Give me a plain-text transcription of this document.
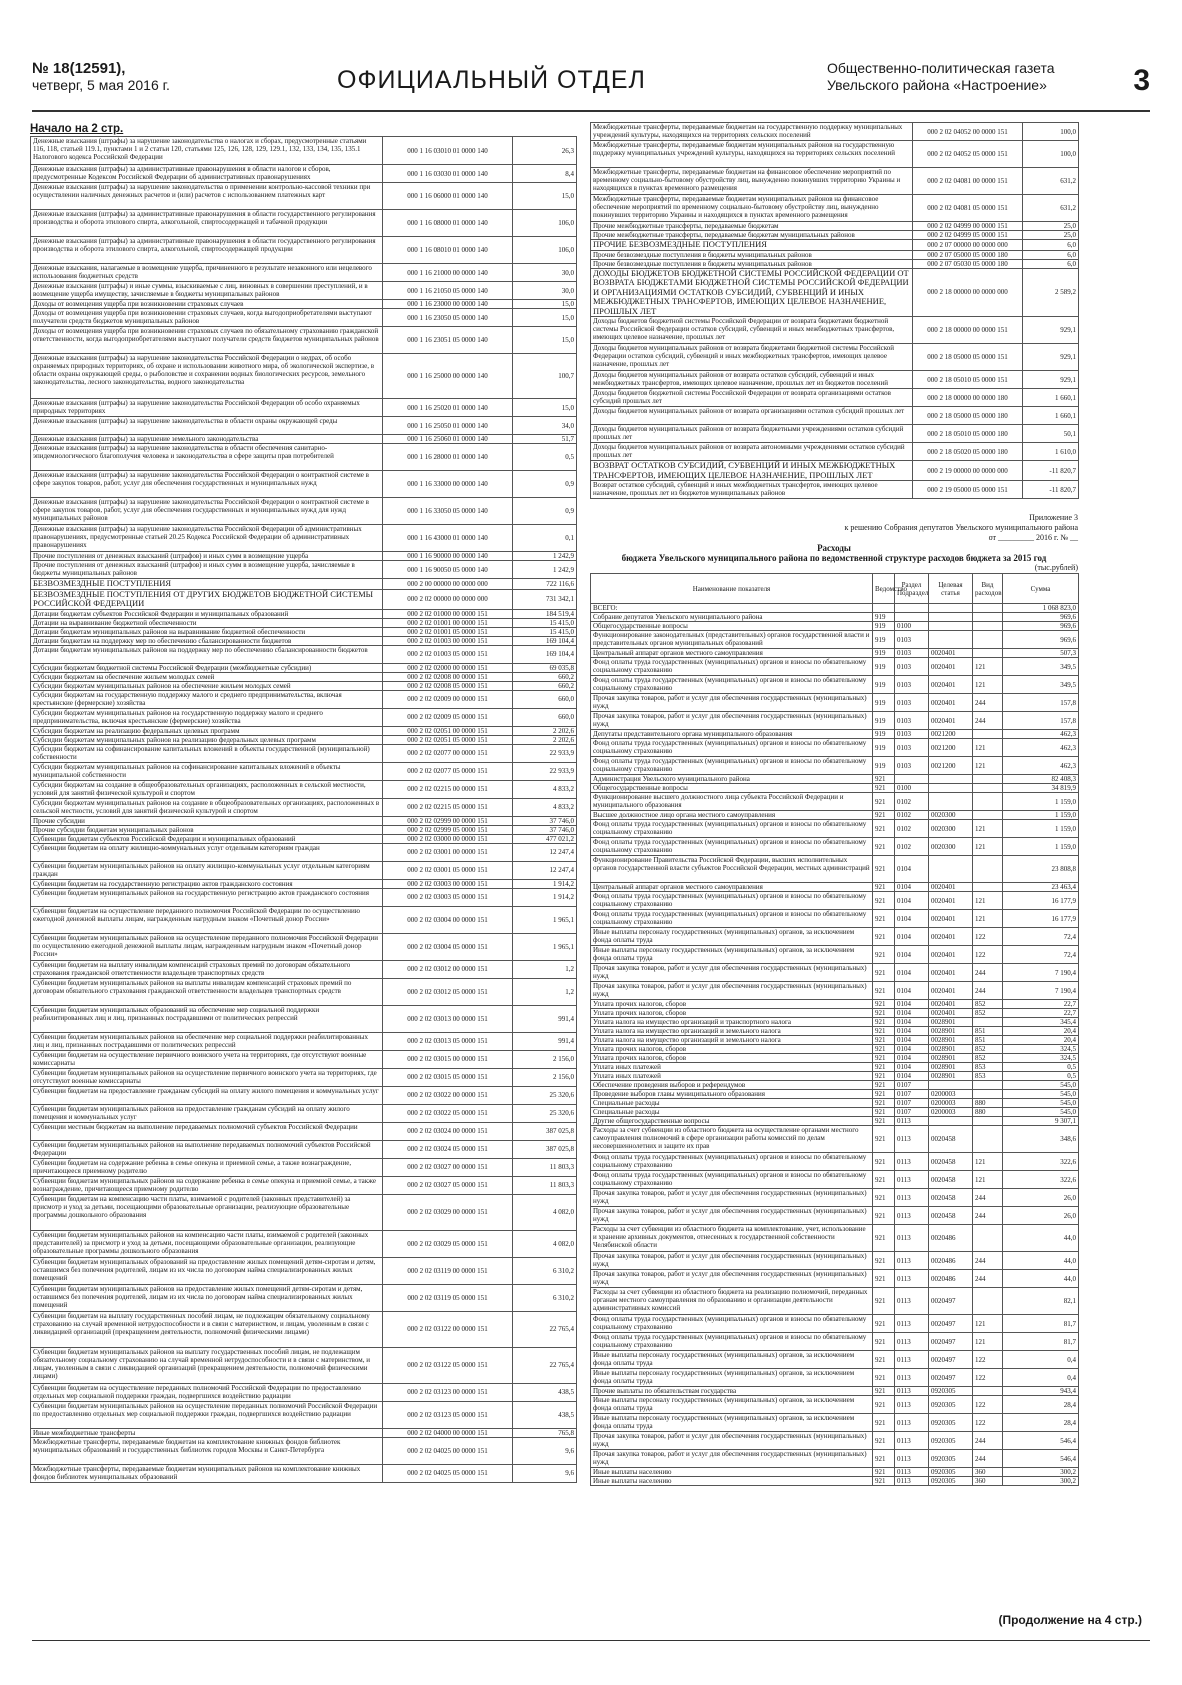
№ 18(12591),
четверг, 5 мая 2016 г.	ОФИЦИАЛЬНЫЙ ОТДЕЛ	Общественно-политическая газета
Увельского района «Настроение»	3
Начало на 2 стр.
Денежные взыскания (штрафы) за нарушение законодательства о налогах и сборах, предусмотренные статьями 116, 118, статьей 119.1, пунктами 1 и 2 статьи 120, статьями 125, 126, 128, 129, 129.1, 132, 133, 134, 135, 135.1 Налогового кодекса Российской Федерации	000 1 16 03010 01 0000 140	26,3
Денежные взыскания (штрафы) за административные правонарушения в области налогов и сборов, предусмотренные Кодексом Российской Федерации об административных правонарушениях	000 1 16 03030 01 0000 140	8,4
Денежные взыскания (штрафы) за нарушение законодательства о применении контрольно-кассовой техники при осуществлении наличных денежных расчетов и (или) расчетов с использованием платежных карт	000 1 16 06000 01 0000 140	15,0
Денежные взыскания (штрафы) за административные правонарушения в области государственного регулирования производства и оборота этилового спирта, алкогольной, спиртосодержащей и табачной продукции	000 1 16 08000 01 0000 140	106,0
Денежные взыскания (штрафы) за административные правонарушения в области государственного регулирования производства и оборота этилового спирта, алкогольной, спиртосодержащей продукции	000 1 16 08010 01 0000 140	106,0
Денежные взыскания, налагаемые в возмещение ущерба, причиненного в результате незаконного или нецелевого использования бюджетных средств	000 1 16 21000 00 0000 140	30,0
Денежные взыскания (штрафы) и иные суммы, взыскиваемые с лиц, виновных в совершении преступлений, и в возмещение ущерба имуществу, зачисляемые в бюджеты муниципальных районов	000 1 16 21050 05 0000 140	30,0
Доходы от возмещения ущерба при возникновении страховых случаев	000 1 16 23000 00 0000 140	15,0
Доходы от возмещения ущерба при возникновении страховых случаев, когда выгодоприобретателями выступают получатели средств бюджетов муниципальных районов	000 1 16 23050 05 0000 140	15,0
Доходы от возмещения ущерба при возникновении страховых случаев по обязательному страхованию гражданской ответственности, когда выгодоприобретателями выступают получатели средств бюджетов муниципальных районов	000 1 16 23051 05 0000 140	15,0
Денежные взыскания (штрафы) за нарушение законодательства Российской Федерации о недрах, об особо охраняемых природных территориях, об охране и использовании животного мира, об экологической экспертизе, в области охраны окружающей среды, о рыболовстве и сохранении водных биологических ресурсов, земельного законодательства, лесного законодательства, водного законодательства	000 1 16 25000 00 0000 140	100,7
Денежные взыскания (штрафы) за нарушение законодательства Российской Федерации об особо охраняемых природных территориях	000 1 16 25020 01 0000 140	15,0
Денежные взыскания (штрафы) за нарушение законодательства в области охраны окружающей среды	000 1 16 25050 01 0000 140	34,0
Денежные взыскания (штрафы) за нарушение земельного законодательства	000 1 16 25060 01 0000 140	51,7
Денежные взыскания (штрафы) за нарушение законодательства в области обеспечения санитарно-эпидемиологического благополучия человека и законодательства в сфере защиты прав потребителей	000 1 16 28000 01 0000 140	0,5
Денежные взыскания (штрафы) за нарушение законодательства Российской Федерации о контрактной системе в сфере закупок товаров, работ, услуг для обеспечения государственных и муниципальных нужд	000 1 16 33000 00 0000 140	0,9
Денежные взыскания (штрафы) за нарушение законодательства Российской Федерации о контрактной системе в сфере закупок товаров, работ, услуг для обеспечения государственных и муниципальных нужд для нужд муниципальных районов	000 1 16 33050 05 0000 140	0,9
Денежные взыскания (штрафы) за нарушение законодательства Российской Федерации об административных правонарушениях, предусмотренные статьей 20.25 Кодекса Российской Федерации об административных правонарушениях	000 1 16 43000 01 0000 140	0,1
Прочие поступления от денежных взысканий (штрафов) и иных сумм в возмещение ущерба	000 1 16 90000 00 0000 140	1 242,9
Прочие поступления от денежных взысканий (штрафов) и иных сумм в возмещение ущерба, зачисляемые в бюджеты муниципальных районов	000 1 16 90050 05 0000 140	1 242,9
БЕЗВОЗМЕЗДНЫЕ ПОСТУПЛЕНИЯ	000 2 00 00000 00 0000 000	722 116,6
БЕЗВОЗМЕЗДНЫЕ ПОСТУПЛЕНИЯ ОТ ДРУГИХ БЮДЖЕТОВ БЮДЖЕТНОЙ СИСТЕМЫ РОССИЙСКОЙ ФЕДЕРАЦИИ	000 2 02 00000 00 0000 000	731 342,1
Дотации бюджетам субъектов Российской Федерации и муниципальных образований	000 2 02 01000 00 0000 151	184 519,4
Дотации на выравнивание бюджетной обеспеченности	000 2 02 01001 00 0000 151	15 415,0
Дотации бюджетам муниципальных районов на выравнивание бюджетной обеспеченности	000 2 02 01001 05 0000 151	15 415,0
Дотации бюджетам на поддержку мер по обеспечению сбалансированности бюджетов	000 2 02 01003 00 0000 151	169 104,4
Дотации бюджетам муниципальных районов на поддержку мер по обеспечению сбалансированности бюджетов	000 2 02 01003 05 0000 151	169 104,4
Субсидии бюджетам бюджетной системы Российской Федерации (межбюджетные субсидии)	000 2 02 02000 00 0000 151	69 035,8
Субсидии бюджетам на обеспечение жильем молодых семей	000 2 02 02008 00 0000 151	660,2
Субсидии бюджетам муниципальных районов на обеспечение жильем молодых семей	000 2 02 02008 05 0000 151	660,2
Субсидии бюджетам на государственную поддержку малого и среднего предпринимательства, включая крестьянские (фермерские) хозяйства	000 2 02 02009 00 0000 151	660,0
Субсидии бюджетам муниципальных районов на государственную поддержку малого и среднего предпринимательства, включая крестьянские (фермерские) хозяйства	000 2 02 02009 05 0000 151	660,0
Субсидии бюджетам на реализацию федеральных целевых программ	000 2 02 02051 00 0000 151	2 202,6
Субсидии бюджетам муниципальных районов на реализацию федеральных целевых программ	000 2 02 02051 05 0000 151	2 202,6
Субсидии бюджетам на софинансирование капитальных вложений в объекты государственной (муниципальной) собственности	000 2 02 02077 00 0000 151	22 933,9
Субсидии бюджетам муниципальных районов на софинансирование капитальных вложений в объекты муниципальной собственности	000 2 02 02077 05 0000 151	22 933,9
Субсидии бюджетам на создание в общеобразовательных организациях, расположенных в сельской местности, условий для занятий физической культурой и спортом	000 2 02 02215 00 0000 151	4 833,2
Субсидии бюджетам муниципальных районов на создание в общеобразовательных организациях, расположенных в сельской местности, условий для занятий физической культурой и спортом	000 2 02 02215 05 0000 151	4 833,2
Прочие субсидии	000 2 02 02999 00 0000 151	37 746,0
Прочие субсидии бюджетам муниципальных районов	000 2 02 02999 05 0000 151	37 746,0
Субвенции бюджетам субъектов Российской Федерации и муниципальных образований	000 2 02 03000 00 0000 151	477 021,2
Субвенции бюджетам на оплату жилищно-коммунальных услуг отдельным категориям граждан	000 2 02 03001 00 0000 151	12 247,4
Субвенции бюджетам муниципальных районов на оплату жилищно-коммунальных услуг отдельным категориям граждан	000 2 02 03001 05 0000 151	12 247,4
Субвенции бюджетам на государственную регистрацию актов гражданского состояния	000 2 02 03003 00 0000 151	1 914,2
Субвенции бюджетам муниципальных районов на государственную регистрацию актов гражданского состояния	000 2 02 03003 05 0000 151	1 914,2
Субвенции бюджетам на осуществление переданного полномочия Российской Федерации по осуществлению ежегодной денежной выплаты лицам, награжденным нагрудным знаком «Почетный донор России»	000 2 02 03004 00 0000 151	1 965,1
Субвенции бюджетам муниципальных районов на осуществление переданного полномочия Российской Федерации по осуществлению ежегодной денежной выплаты лицам, награжденным нагрудным знаком «Почетный донор России»	000 2 02 03004 05 0000 151	1 965,1
Субвенции бюджетам на выплату инвалидам компенсаций страховых премий по договорам обязательного страхования гражданской ответственности владельцев транспортных средств	000 2 02 03012 00 0000 151	1,2
Субвенции бюджетам муниципальных районов на выплаты инвалидам компенсаций страховых премий по договорам обязательного страхования гражданской ответственности владельцев транспортных средств	000 2 02 03012 05 0000 151	1,2
Субвенции бюджетам муниципальных образований на обеспечение мер социальной поддержки реабилитированных лиц и лиц, признанных пострадавшими от политических репрессий	000 2 02 03013 00 0000 151	991,4
Субвенции бюджетам муниципальных районов на обеспечение мер социальной поддержки реабилитированных лиц и лиц, признанных пострадавшими от политических репрессий	000 2 02 03013 05 0000 151	991,4
Субвенции бюджетам на осуществление первичного воинского учета на территориях, где отсутствуют военные комиссариаты	000 2 02 03015 00 0000 151	2 156,0
Субвенции бюджетам муниципальных районов на осуществление первичного воинского учета на территориях, где отсутствуют военные комиссариаты	000 2 02 03015 05 0000 151	2 156,0
Субвенции бюджетам на предоставление гражданам субсидий на оплату жилого помещения и коммунальных услуг	000 2 02 03022 00 0000 151	25 320,6
Субвенции бюджетам муниципальных районов на предоставление гражданам субсидий на оплату жилого помещения и коммунальных услуг	000 2 02 03022 05 0000 151	25 320,6
Субвенции местным бюджетам на выполнение передаваемых полномочий субъектов Российской Федерации	000 2 02 03024 00 0000 151	387 025,8
Субвенции бюджетам муниципальных районов на выполнение передаваемых полномочий субъектов Российской Федерации	000 2 02 03024 05 0000 151	387 025,8
Субвенции бюджетам на содержание ребенка в семье опекуна и приемной семье, а также вознаграждение, причитающееся приемному родителю	000 2 02 03027 00 0000 151	11 803,3
Субвенции бюджетам муниципальных районов на содержание ребенка в семье опекуна и приемной семье, а также вознаграждение, причитающееся приемному родителю	000 2 02 03027 05 0000 151	11 803,3
Субвенции бюджетам на компенсацию части платы, взимаемой с родителей (законных представителей) за присмотр и уход за детьми, посещающими образовательные организации, реализующие образовательные программы дошкольного образования	000 2 02 03029 00 0000 151	4 082,0
Субвенции бюджетам муниципальных районов на компенсацию части платы, взимаемой с родителей (законных представителей) за присмотр и уход за детьми, посещающими образовательные организации, реализующие образовательные программы дошкольного образования	000 2 02 03029 05 0000 151	4 082,0
Субвенции бюджетам муниципальных образований на предоставление жилых помещений детям-сиротам и детям, оставшимся без попечения родителей, лицам из их числа по договорам найма специализированных жилых помещений	000 2 02 03119 00 0000 151	6 310,2
Субвенции бюджетам муниципальных районов на предоставление жилых помещений детям-сиротам и детям, оставшимся без попечения родителей, лицам из их числа по договорам найма специализированных жилых помещений	000 2 02 03119 05 0000 151	6 310,2
Субвенции бюджетам на выплату государственных пособий лицам, не подлежащим обязательному социальному страхованию на случай временной нетрудоспособности и в связи с материнством, и лицам, уволенным в связи с ликвидацией организаций (прекращением деятельности, полномочий физическими лицами)	000 2 02 03122 00 0000 151	22 765,4
Субвенции бюджетам муниципальных районов на выплату государственных пособий лицам, не подлежащим обязательному социальному страхованию на случай временной нетрудоспособности и в связи с материнством, и лицам, уволенным в связи с ликвидацией организаций (прекращением деятельности, полномочий физическими лицами)	000 2 02 03122 05 0000 151	22 765,4
Субвенции бюджетам на осуществление переданных полномочий Российской Федерации по предоставлению отдельных мер социальной поддержки граждан, подвергшихся воздействию радиации	000 2 02 03123 00 0000 151	438,5
Субвенции бюджетам муниципальных районов на осуществление переданных полномочий Российской Федерации по предоставлению отдельных мер социальной поддержки граждан, подвергшихся воздействию радиации	000 2 02 03123 05 0000 151	438,5
Иные межбюджетные трансферты	000 2 02 04000 00 0000 151	765,8
Межбюджетные трансферты, передаваемые бюджетам на комплектование книжных фондов библиотек муниципальных образований и государственных библиотек городов Москвы и Санкт-Петербурга	000 2 02 04025 00 0000 151	9,6
Межбюджетные трансферты, передаваемые бюджетам муниципальных районов на комплектование книжных фондов библиотек муниципальных образований	000 2 02 04025 05 0000 151	9,6
Межбюджетные трансферты, передаваемые бюджетам на государственную поддержку муниципальных учреждений культуры, находящихся на территориях сельских поселений	000 2 02 04052 00 0000 151	100,0
Межбюджетные трансферты, передаваемые бюджетам муниципальных районов на государственную поддержку муниципальных учреждений культуры, находящихся на территориях сельских поселений	000 2 02 04052 05 0000 151	100,0
Межбюджетные трансферты, передаваемые бюджетам на финансовое обеспечение мероприятий по временному социально-бытовому обустройству лиц, вынужденно покинувших территорию Украины и находящихся в пунктах временного размещения	000 2 02 04081 00 0000 151	631,2
Межбюджетные трансферты, передаваемые бюджетам муниципальных районов на финансовое обеспечение мероприятий по временному социально-бытовому обустройству лиц, вынужденно покинувших территорию Украины и находящихся в пунктах временного размещения	000 2 02 04081 05 0000 151	631,2
Прочие межбюджетные трансферты, передаваемые бюджетам	000 2 02 04999 00 0000 151	25,0
Прочие межбюджетные трансферты, передаваемые бюджетам муниципальных районов	000 2 02 04999 05 0000 151	25,0
ПРОЧИЕ БЕЗВОЗМЕЗДНЫЕ ПОСТУПЛЕНИЯ	000 2 07 00000 00 0000 000	6,0
Прочие безвозмездные поступления в бюджеты муниципальных районов	000 2 07 05000 05 0000 180	6,0
Прочие безвозмездные поступления в бюджеты муниципальных районов	000 2 07 05030 05 0000 180	6,0
ДОХОДЫ БЮДЖЕТОВ БЮДЖЕТНОЙ СИСТЕМЫ РОССИЙСКОЙ ФЕДЕРАЦИИ ОТ ВОЗВРАТА БЮДЖЕТАМИ БЮДЖЕТНОЙ СИСТЕМЫ РОССИЙСКОЙ ФЕДЕРАЦИИ И ОРГАНИЗАЦИЯМИ ОСТАТКОВ СУБСИДИЙ, СУБВЕНЦИЙ И ИНЫХ МЕЖБЮДЖЕТНЫХ ТРАНСФЕРТОВ, ИМЕЮЩИХ ЦЕЛЕВОЕ НАЗНАЧЕНИЕ, ПРОШЛЫХ ЛЕТ	000 2 18 00000 00 0000 000	2 589,2
Доходы бюджетов бюджетной системы Российской Федерации от возврата бюджетами бюджетной системы Российской Федерации остатков субсидий, субвенций и иных межбюджетных трансфертов, имеющих целевое назначение, прошлых лет	000 2 18 00000 00 0000 151	929,1
Доходы бюджетов муниципальных районов от возврата бюджетами бюджетной системы Российской Федерации остатков субсидий, субвенций и иных межбюджетных трансфертов, имеющих целевое назначение, прошлых лет	000 2 18 05000 05 0000 151	929,1
Доходы бюджетов муниципальных районов от возврата остатков субсидий, субвенций и иных межбюджетных трансфертов, имеющих целевое назначение, прошлых лет из бюджетов поселений	000 2 18 05010 05 0000 151	929,1
Доходы бюджетов бюджетной системы Российской Федерации от возврата организациями остатков субсидий прошлых лет	000 2 18 00000 00 0000 180	1 660,1
Доходы бюджетов муниципальных районов от возврата организациями остатков субсидий прошлых лет	000 2 18 05000 05 0000 180	1 660,1
Доходы бюджетов муниципальных районов от возврата бюджетными учреждениями остатков субсидий прошлых лет	000 2 18 05010 05 0000 180	50,1
Доходы бюджетов муниципальных районов от возврата автономными учреждениями остатков субсидий прошлых лет	000 2 18 05020 05 0000 180	1 610,0
ВОЗВРАТ ОСТАТКОВ СУБСИДИЙ, СУБВЕНЦИЙ И ИНЫХ МЕЖБЮДЖЕТНЫХ ТРАНСФЕРТОВ, ИМЕЮЩИХ ЦЕЛЕВОЕ НАЗНАЧЕНИЕ, ПРОШЛЫХ ЛЕТ	000 2 19 00000 00 0000 000	-11 820,7
Возврат остатков субсидий, субвенций и иных межбюджетных трансфертов, имеющих целевое назначение, прошлых лет из бюджетов муниципальных районов	000 2 19 05000 05 0000 151	-11 820,7
Приложение 3
к решению Собрания депутатов Увельского муниципального района
от _________ 2016 г. № __
Расходы
бюджета Увельского муниципального района по ведомственной структуре расходов бюджета за 2015 год
(тыс.рублей)
Наименование показателя	Ведомство	Раздел Подраздел	Целевая статья	Вид расходов	Сумма
ВСЕГО:					1 068 823,0
Собрание депутатов Увельского муниципального района	919				969,6
Общегосударственные вопросы	919	0100			969,6
Функционирование законодательных (представительных) органов государственной власти и представительных органов муниципальных образований	919	0103			969,6
Центральный аппарат органов местного самоуправления	919	0103	0020401		507,3
Фонд оплаты труда государственных (муниципальных) органов и взносы по обязательному социальному страхованию	919	0103	0020401	121	349,5
Фонд оплаты труда государственных (муниципальных) органов и взносы по обязательному социальному страхованию	919	0103	0020401	121	349,5
Прочая закупка товаров, работ и услуг для обеспечения государственных (муниципальных) нужд	919	0103	0020401	244	157,8
Прочая закупка товаров, работ и услуг для обеспечения государственных (муниципальных) нужд	919	0103	0020401	244	157,8
Депутаты представительного органа муниципального образования	919	0103	0021200		462,3
Фонд оплаты труда государственных (муниципальных) органов и взносы по обязательному социальному страхованию	919	0103	0021200	121	462,3
Фонд оплаты труда государственных (муниципальных) органов и взносы по обязательному социальному страхованию	919	0103	0021200	121	462,3
Администрация Увельского муниципального района	921				82 408,3
Общегосударственные вопросы	921	0100			34 819,9
Функционирование высшего должностного лица субъекта Российской Федерации и муниципального образования	921	0102			1 159,0
Высшее должностное лицо органа местного самоуправления	921	0102	0020300		1 159,0
Фонд оплаты труда государственных (муниципальных) органов и взносы по обязательному социальному страхованию	921	0102	0020300	121	1 159,0
Фонд оплаты труда государственных (муниципальных) органов и взносы по обязательному социальному страхованию	921	0102	0020300	121	1 159,0
Функционирование Правительства Российской Федерации, высших исполнительных органов государственной власти субъектов Российской Федерации, местных администраций	921	0104			23 808,8
Центральный аппарат органов местного самоуправления	921	0104	0020401		23 463,4
Фонд оплаты труда государственных (муниципальных) органов и взносы по обязательному социальному страхованию	921	0104	0020401	121	16 177,9
Фонд оплаты труда государственных (муниципальных) органов и взносы по обязательному социальному страхованию	921	0104	0020401	121	16 177,9
Иные выплаты персоналу государственных (муниципальных) органов, за исключением фонда оплаты труда	921	0104	0020401	122	72,4
Иные выплаты персоналу государственных (муниципальных) органов, за исключением фонда оплаты труда	921	0104	0020401	122	72,4
Прочая закупка товаров, работ и услуг для обеспечения государственных (муниципальных) нужд	921	0104	0020401	244	7 190,4
Прочая закупка товаров, работ и услуг для обеспечения государственных (муниципальных) нужд	921	0104	0020401	244	7 190,4
Уплата прочих налогов, сборов	921	0104	0020401	852	22,7
Уплата прочих налогов, сборов	921	0104	0020401	852	22,7
Уплата налога на имущество организаций и транспортного налога	921	0104	0028901		345,4
Уплата налога на имущество организаций и земельного налога	921	0104	0028901	851	20,4
Уплата налога на имущество организаций и земельного налога	921	0104	0028901	851	20,4
Уплата прочих налогов, сборов	921	0104	0028901	852	324,5
Уплата прочих налогов, сборов	921	0104	0028901	852	324,5
Уплата иных платежей	921	0104	0028901	853	0,5
Уплата иных платежей	921	0104	0028901	853	0,5
Обеспечение проведения выборов и референдумов	921	0107			545,0
Проведение выборов главы муниципального образования	921	0107	0200003		545,0
Специальные расходы	921	0107	0200003	880	545,0
Специальные расходы	921	0107	0200003	880	545,0
Другие общегосударственные вопросы	921	0113			9 307,1
Расходы за счет субвенции из областного бюджета на осуществление органами местного самоуправления полномочий в сфере организации работы комиссий по делам несовершеннолетних и защите их прав	921	0113	0020458		348,6
Фонд оплаты труда государственных (муниципальных) органов и взносы по обязательному социальному страхованию	921	0113	0020458	121	322,6
Фонд оплаты труда государственных (муниципальных) органов и взносы по обязательному социальному страхованию	921	0113	0020458	121	322,6
Прочая закупка товаров, работ и услуг для обеспечения государственных (муниципальных) нужд	921	0113	0020458	244	26,0
Прочая закупка товаров, работ и услуг для обеспечения государственных (муниципальных) нужд	921	0113	0020458	244	26,0
Расходы за счет субвенции из областного бюджета на комплектование, учет, использование и хранение архивных документов, отнесенных к государственной собственности Челябинской области	921	0113	0020486		44,0
Прочая закупка товаров, работ и услуг для обеспечения государственных (муниципальных) нужд	921	0113	0020486	244	44,0
Прочая закупка товаров, работ и услуг для обеспечения государственных (муниципальных) нужд	921	0113	0020486	244	44,0
Расходы за счет субвенции из областного бюджета на реализацию полномочий, переданных органам местного самоуправления по образованию и организации деятельности административных комиссий	921	0113	0020497		82,1
Фонд оплаты труда государственных (муниципальных) органов и взносы по обязательному социальному страхованию	921	0113	0020497	121	81,7
Фонд оплаты труда государственных (муниципальных) органов и взносы по обязательному социальному страхованию	921	0113	0020497	121	81,7
Иные выплаты персоналу государственных (муниципальных) органов, за исключением фонда оплаты труда	921	0113	0020497	122	0,4
Иные выплаты персоналу государственных (муниципальных) органов, за исключением фонда оплаты труда	921	0113	0020497	122	0,4
Прочие выплаты по обязательствам государства	921	0113	0920305		943,4
Иные выплаты персоналу государственных (муниципальных) органов, за исключением фонда оплаты труда	921	0113	0920305	122	28,4
Иные выплаты персоналу государственных (муниципальных) органов, за исключением фонда оплаты труда	921	0113	0920305	122	28,4
Прочая закупка товаров, работ и услуг для обеспечения государственных (муниципальных) нужд	921	0113	0920305	244	546,4
Прочая закупка товаров, работ и услуг для обеспечения государственных (муниципальных) нужд	921	0113	0920305	244	546,4
Иные выплаты населению	921	0113	0920305	360	300,2
Иные выплаты населению	921	0113	0920305	360	300,2
(Продолжение на 4 стр.)
